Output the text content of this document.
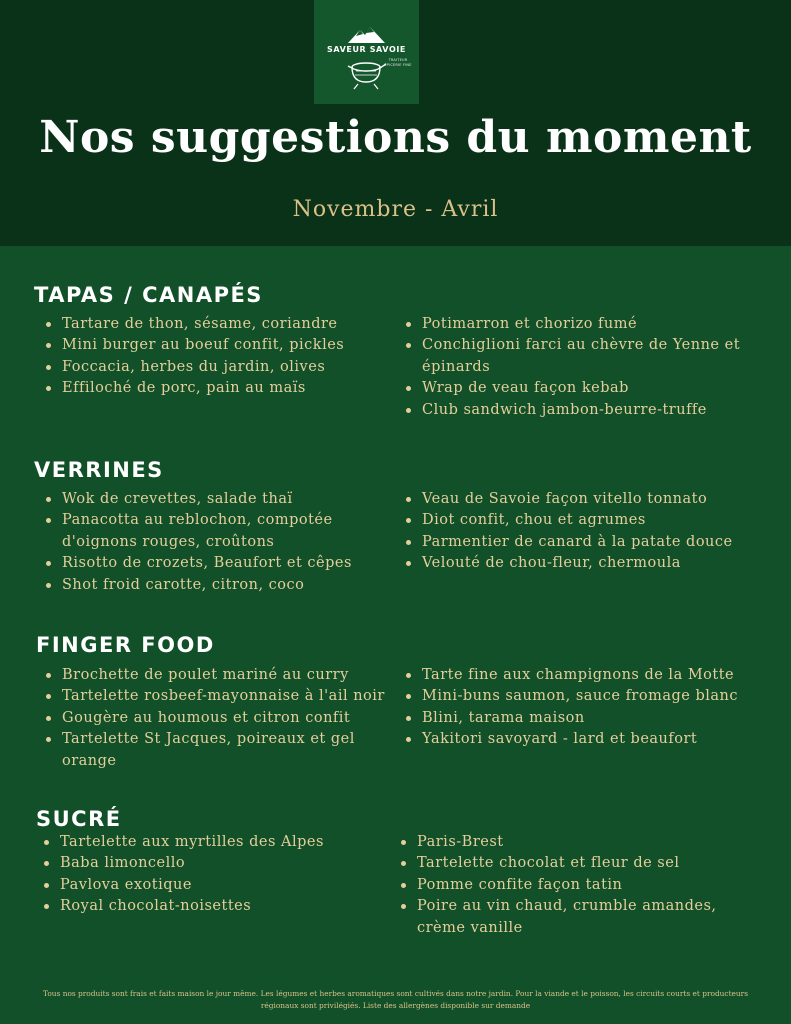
SAVEUR SAVOIE
TRAITEUR ÉPICERIE FINE
Nos suggestions du moment
Novembre - Avril
TAPAS / CANAPÉS
Tartare de thon, sésame, coriandre
Mini burger au boeuf confit, pickles
Foccacia, herbes du jardin, olives
Effiloché de porc, pain au maïs
Potimarron et chorizo fumé
Conchiglioni farci au chèvre de Yenne et épinards
Wrap de veau façon kebab
Club sandwich jambon-beurre-truffe
VERRINES
Wok de crevettes, salade thaï
Panacotta au reblochon, compotée d'oignons rouges, croûtons
Risotto de crozets, Beaufort et cêpes
Shot froid carotte, citron, coco
Veau de Savoie façon vitello tonnato
Diot confit, chou et agrumes
Parmentier de canard à la patate douce
Velouté de chou-fleur, chermoula
FINGER FOOD
Brochette de poulet mariné au curry
Tartelette rosbeef-mayonnaise à l'ail noir
Gougère au houmous et citron confit
Tartelette St Jacques, poireaux et gel orange
Tarte fine aux champignons de la Motte
Mini-buns saumon, sauce fromage blanc
Blini, tarama maison
Yakitori savoyard - lard et beaufort
SUCRÉ
Tartelette aux myrtilles des Alpes
Baba limoncello
Pavlova exotique
Royal chocolat-noisettes
Paris-Brest
Tartelette chocolat et fleur de sel
Pomme confite façon tatin
Poire au vin chaud, crumble amandes, crème vanille

Tous nos produits sont frais et faits maison le jour même. Les légumes et herbes aromatiques sont cultivés dans notre jardin. Pour la viande et le poisson, les circuits courts et producteurs régionaux sont privilégiés. Liste des allergènes disponible sur demande
